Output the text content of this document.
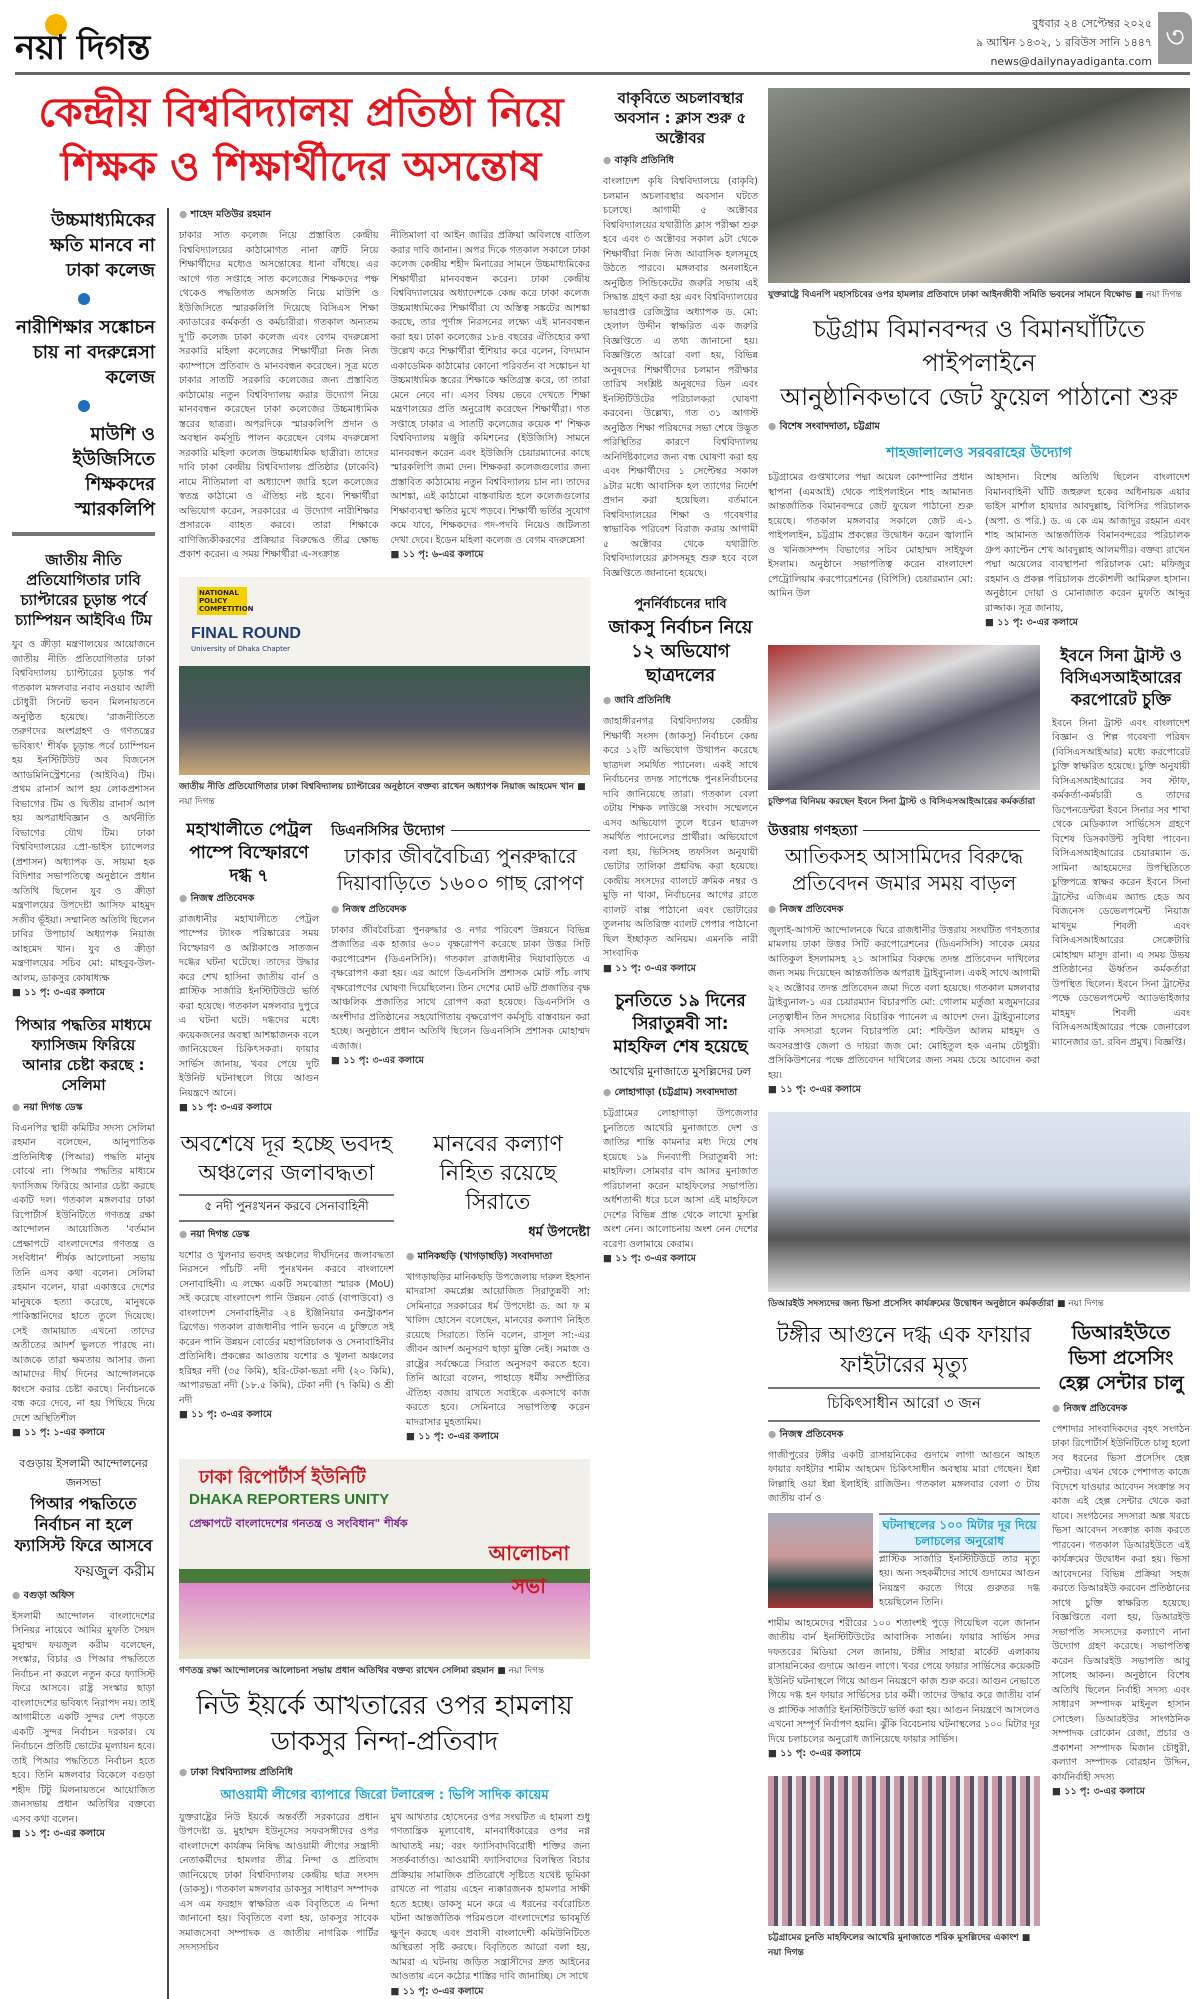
নয়া দিগন্ত
বুধবার ২৪ সেপ্টেম্বর ২০২৫
৯ আশ্বিন ১৪৩২, ১ রবিউস সানি ১৪৪৭
news@dailynayadiganta.com
৩
কেন্দ্রীয় বিশ্ববিদ্যালয় প্রতিষ্ঠা নিয়ে
শিক্ষক ও শিক্ষার্থীদের অসন্তোষ
উচ্চমাধ্যমিকের ক্ষতি মানবে না ঢাকা কলেজ
নারীশিক্ষার সঙ্কোচন চায় না বদরুন্নেসা কলেজ
মাউশি ও ইউজিসিতে শিক্ষকদের স্মারকলিপি
জাতীয় নীতি প্রতিযোগিতার ঢাবি চ্যাপ্টারের চূড়ান্ত পর্বে চ্যাম্পিয়ন আইবিএ টিম
যুব ও ক্রীড়া মন্ত্রণালয়ের আয়োজনে জাতীয় নীতি প্রতিযোগিতার ঢাকা বিশ্ববিদ্যালয় চ্যাপ্টারের চূড়ান্ত পর্ব গতকাল মঙ্গলবার নবাব নওয়াব আলী চৌধুরী সিনেট ভবন মিলনায়তনে অনুষ্ঠিত হয়েছে। 'রাজনীতিতে তরুণদের অংশগ্রহণ ও গণতন্ত্রের ভবিষ্যৎ' শীর্ষক চূড়ান্ত পর্বে চ্যাম্পিয়ন হয় ইনস্টিটিউট অব বিজনেস অ্যাডমিনিস্ট্রেশনের (আইবিএ) টিম। প্রথম রানার্স আপ হয় লোকপ্রশাসন বিভাগের টিম ও দ্বিতীয় রানার্স আপ হয় অপরাধবিজ্ঞান ও অর্থনীতি বিভাগের যৌথ টিম। ঢাকা বিশ্ববিদ্যালয়ের প্রো-ভাইস চ্যান্সেলর (প্রশাসন) অধ্যাপক ড. সায়মা হক বিদিশার সভাপতিত্বে অনুষ্ঠানে প্রধান অতিথি ছিলেন যুব ও ক্রীড়া মন্ত্রণালয়ের উপদেষ্টা আসিফ মাহমুদ সজীব ভূঁইয়া। সম্মানিত অতিথি ছিলেন ঢাবির উপাচার্য অধ্যাপক নিয়াজ আহমেদ খান। যুব ও ক্রীড়া মন্ত্রণালয়ের সচিব মো: মাহবুব-উল-আলম, ডাকসুর কোষাধ্যক্ষ
■ ১১ পৃ: ৩-এর কলামে
পিআর পদ্ধতির মাধ্যমে ফ্যাসিজম ফিরিয়ে আনার চেষ্টা করছে : সেলিমা
● নয়া দিগন্ত ডেস্ক
বিএনপির স্থায়ী কমিটির সদস্য সেলিমা রহমান বলেছেন, আনুপাতিক প্রতিনিধিত্ব (পিআর) পদ্ধতি মানুষ বোঝে না। পিআর পদ্ধতির মাধ্যমে ফ্যাসিজম ফিরিয়ে আনার চেষ্টা করছে একটি দল। গতকাল মঙ্গলবার ঢাকা রিপোর্টার্স ইউনিটিতে গণতন্ত্র রক্ষা আন্দোলন আয়োজিত 'বর্তমান প্রেক্ষাপটে বাংলাদেশের গণতন্ত্র ও সংবিধান' শীর্ষক আলোচনা সভায় তিনি এসব কথা বলেন। সেলিমা রহমান বলেন, যারা একাত্তরে দেশের মানুষকে হত্যা করেছে, মানুষকে পাকিস্তানিদের হাতে তুলে দিয়েছে। সেই জামায়াত এখনো তাদের অতীতের আদর্শ ভুলতে পারছে না। আজকে তারা ক্ষমতায় আসার জন্য আমাদের দীর্ঘ দিনের আন্দোলনকে ধ্বংসে করার চেষ্টা করছে। নির্বাচনকে বন্ধ করে দেবে, না হয় পিছিয়ে দিয়ে দেশে অস্থিতিশীল
■ ১১ পৃ: ১-এর কলামে
বগুড়ায় ইসলামী আন্দোলনের জনসভা
পিআর পদ্ধতিতে নির্বাচন না হলে ফ্যাসিস্ট ফিরে আসবে
ফয়জুল করীম
● বগুড়া অফিস
ইসলামী আন্দোলন বাংলাদেশের সিনিয়র নায়েবে আমির মুফতি সৈয়দ মুহাম্মদ ফয়জুল করীম বলেছেন, সংস্কার, বিচার ও পিআর পদ্ধতিতে নির্বাচন না করলে নতুন করে ফ্যাসিস্ট ফিরে আসবে। রাষ্ট্র সংস্কার ছাড়া বাংলাদেশের ভবিষ্যৎ নিরাপদ নয়। তাই আগামীতে একটি সুন্দর দেশ গড়তে একটি সুন্দর নির্বাচন দরকার। যে নির্বাচনে প্রতিটি ভোটের মূল্যায়ন হবে। তাই পিআর পদ্ধতিতে নির্বাচন হতে হবে। তিনি মঙ্গলবার বিকেলে বগুড়া শহীদ টিটু মিলনায়তনে আয়োজিত জনসভায় প্রধান অতিথির বক্তব্যে এসব কথা বলেন।
■ ১১ পৃ: ৩-এর কলামে
● শাহেদ মতিউর রহমান
ঢাকার সাত কলেজ নিয়ে প্রস্তাবিত কেন্দ্রীয় বিশ্ববিদ্যালয়ের কাঠামোগত নানা ত্রুটি নিয়ে শিক্ষার্থীদের মধ্যেও অসন্তোষের ধানা বাঁধছে। এর আগে গত সপ্তাহে সাত কলেজের শিক্ষকদের পক্ষ থেকেও পদ্ধতিগত অসঙ্গতি নিয়ে মাউশি ও ইউজিসিতে স্মারকলিপি দিয়েছে বিসিএস শিক্ষা ক্যাডারের কর্মকর্তা ও কর্মচারীরা। গতকাল অন্যতম দু'টি কলেজ ঢাকা কলেজ এবং বেগম বদরুন্নেসা সরকারি মহিলা কলেজের শিক্ষার্থীরা নিজ নিজ ক্যাম্পাসে প্রতিবাদ ও মানববন্ধন করেছেন। সূত্র মতে ঢাকার সাতটি সরকারি কলেজের জন্য প্রস্তাবিত কাঠামোয় নতুন বিশ্ববিদ্যালয় করার উদ্যোগ নিয়ে মানববন্ধন করেছেন ঢাকা কলেজের উচ্চমাধ্যমিক স্তরের ছাত্ররা। অপরদিকে স্মারকলিপি প্রদান ও অবস্থান কর্মসূচি পালন করেছেন বেগম বদরুন্নেসা সরকারি মহিলা কলেজ উচ্চমাধ্যমিক ছাত্রীরা। তাদের দাবি ঢাকা কেন্দ্রীয় বিশ্ববিদ্যালয় প্রতিষ্ঠার (ঢাকেবি) নামে নীতিমালা বা অধ্যাদেশ জারি হলে কলেজের স্বতন্ত্র কাঠামো ও ঐতিহ্য নষ্ট হবে। শিক্ষার্থীরা অভিযোগ করেন, সরকারের এ উদ্যোগ নারীশিক্ষার প্রসারকে ব্যাহত করবে। তারা শিক্ষাকে বাণিজ্যিকীকরণের প্রক্রিয়ার বিরুদ্ধেও তীব্র ক্ষোভ প্রকাশ করেন। এ সময় শিক্ষার্থীরা এ-সংক্রান্ত
নীতিমালা বা আইন জারির প্রক্রিয়া অবিলম্বে বাতিল করার দাবি জানান। অপর দিকে গতকাল সকালে ঢাকা কলেজ কেন্দ্রীয় শহীদ মিনারের সামনে উচ্চমাধ্যমিকের শিক্ষার্থীরা মানববন্ধন করেন। ঢাকা কেন্দ্রীয় বিশ্ববিদ্যালয়ের অধ্যাদেশকে কেন্দ্র করে ঢাকা কলেজ উচ্চমাধ্যমিকের শিক্ষার্থীরা যে অস্তিত্ব সঙ্কটের আশঙ্কা করছে, তার পূর্ণাঙ্গ নিরসনের লক্ষ্যে এই মানববন্ধন করা হয়। ঢাকা কলেজের ১৮৪ বছরের ঐতিহ্যের কথা উল্লেখ করে শিক্ষার্থীরা হুঁশিয়ার করে বলেন, বিদ্যমান একাডেমিক কাঠামোর কোনো পরিবর্তন বা সঙ্কোচন যা উচ্চমাধ্যমিক স্তরের শিক্ষাকে ক্ষতিগ্রস্ত করে, তা তারা মেনে নেবে না। এসব বিষয় ভেবে দেখতে শিক্ষা মন্ত্রণালয়ের প্রতি অনুরোধ করেছেন শিক্ষার্থীরা। গত সপ্তাহে ঢাকার এ সাতটি কলেজের কয়েক শ' শিক্ষক বিশ্ববিদ্যালয় মঞ্জুরি কমিশনের (ইউজিসি) সামনে মানববন্ধন করেন এবং ইউজিসি চেয়ারম্যানের কাছে স্মারকলিপি জমা দেন। শিক্ষকরা কলেজগুলোর জন্য প্রস্তাবিত কাঠামোয় নতুন বিশ্ববিদ্যালয় চান না। তাদের আশঙ্কা, এই কাঠামো বাস্তবায়িত হলে কলেজগুলোর শিক্ষাব্যবস্থা ক্ষতির মুখে পড়বে। শিক্ষার্থী ভর্তির সুযোগ কমে যাবে, শিক্ষকদের পদ-পদবি নিয়েও জটিলতা দেখা দেবে। ইডেন মহিলা কলেজ ও বেগম বদরুন্নেসা
■ ১১ পৃ: ৬-এর কলামে
NATIONAL POLICY COMPETITION
FINAL ROUND
University of Dhaka Chapter
জাতীয় নীতি প্রতিযোগিতার ঢাকা বিশ্ববিদ্যালয় চ্যাপ্টারের অনুষ্ঠানে বক্তব্য রাখেন অধ্যাপক নিয়াজ আহমেদ খান ■ নয়া দিগন্ত
মহাখালীতে পেট্রল পাম্পে বিস্ফোরণে দগ্ধ ৭
● নিজস্ব প্রতিবেদক
রাজধানীর মহাখালীতে পেট্রল পাম্পের ট্যাংক পরিষ্কারের সময় বিস্ফোরণ ও অগ্নিকাণ্ডে সাতজন দগ্ধের ঘটনা ঘটেছে। তাদের উদ্ধার করে শেখ হাসিনা জাতীয় বার্ন ও প্লাস্টিক সার্জারি ইনস্টিটিউটে ভর্তি করা হয়েছে। গতকাল মঙ্গলবার দুপুরে এ ঘটনা ঘটে। দগ্ধদের মধ্যে কয়েকজনের অবস্থা আশঙ্কাজনক বলে জানিয়েছেন চিকিৎসকরা। ফায়ার সার্ভিস জানায়, খবর পেয়ে দুটি ইউনিট ঘটনাস্থলে গিয়ে আগুন নিয়ন্ত্রণে আনে।
■ ১১ পৃ: ৩-এর কলামে
ডিএনসিসির উদ্যোগ
ঢাকার জীববৈচিত্র্য পুনরুদ্ধারে দিয়াবাড়িতে ১৬০০ গাছ রোপণ
● নিজস্ব প্রতিবেদক
ঢাকার জীববৈচিত্র্য পুনরুদ্ধার ও নগর পরিবেশ উন্নয়নে বিভিন্ন প্রজাতির এক হাজার ৬০০ বৃক্ষরোপণ করেছে ঢাকা উত্তর সিটি করপোরেশন (ডিএনসিসি)। গতকাল রাজধানীর দিয়াবাড়িতে এ বৃক্ষরোপণ করা হয়। এর আগে ডিএনসিসি প্রশাসক মোট পাঁচ লাখ বৃক্ষরোপণের ঘোষণা দিয়েছিলেন। তিন দেশের মোট ৬টি প্রজাতির বৃক্ষ আঞ্চলিক প্রজাতির সাথে রোপণ করা হয়েছে। ডিএনসিসি ও অংশীদার প্রতিষ্ঠানের সহযোগিতায় বৃক্ষরোপণ কর্মসূচি বাস্তবায়ন করা হচ্ছে। অনুষ্ঠানে প্রধান অতিথি ছিলেন ডিএনসিসি প্রশাসক মোহাম্মদ এজাজ।
■ ১১ পৃ: ৩-এর কলামে
অবশেষে দূর হচ্ছে ভবদহ অঞ্চলের জলাবদ্ধতা
৫ নদী পুনঃখনন করবে সেনাবাহিনী
● নয়া দিগন্ত ডেস্ক
যশোর ও খুলনার ভবদহ অঞ্চলের দীর্ঘদিনের জলাবদ্ধতা নিরসনে পাঁচটি নদী পুনঃখনন করবে বাংলাদেশ সেনাবাহিনী। এ লক্ষ্যে একটি সমঝোতা স্মারক (MoU) সই করেছে বাংলাদেশ পানি উন্নয়ন বোর্ড (বাপাউবো) ও বাংলাদেশ সেনাবাহিনীর ২৪ ইঞ্জিনিয়ার কনস্ট্রাকশন ব্রিগেড। গতকাল রাজধানীর পানি ভবনে এ চুক্তিতে সই করেন পানি উন্নয়ন বোর্ডের মহাপরিচালক ও সেনাবাহিনীর প্রতিনিধি। প্রকল্পের আওতায় যশোর ও খুলনা অঞ্চলের হরিহর নদী (৩৫ কিমি), হরি-টেকা-ভদ্রা নদী (২০ কিমি), আপারভদ্রা নদী (১৮.৫ কিমি), টেকা নদী (৭ কিমি) ও শ্রী নদী
■ ১১ পৃ: ৩-এর কলামে
মানবের কল্যাণ নিহিত রয়েছে সিরাতে
ধর্ম উপদেষ্টা
● মানিকছড়ি (খাগড়াছড়ি) সংবাদদাতা
খাগড়াছড়ির মানিকছড়ি উপজেলায় দারুল ইহসান মাদরাসা কমপ্লেক্স আয়োজিত সিরাতুন্নবী সা: সেমিনারে সরকারের ধর্ম উপদেষ্টা ড. আ ফ ম খালিদ হোসেন বলেছেন, মানবের কল্যাণ নিহিত রয়েছে সিরাতে। তিনি বলেন, রাসূল সা:-এর জীবন আদর্শ অনুসরণ ছাড়া মুক্তি নেই। সমাজ ও রাষ্ট্রের সর্বক্ষেত্রে সিরাত অনুসরণ করতে হবে। তিনি আরো বলেন, পাহাড়ে ধর্মীয় সম্প্রীতির ঐতিহ্য বজায় রাখতে সবাইকে একসাথে কাজ করতে হবে। সেমিনারে সভাপতিত্ব করেন মাদরাসার মুহতামিম।
■ ১১ পৃ: ৩-এর কলামে
ঢাকা রিপোর্টার্স ইউনিটি
DHAKA REPORTERS UNITY
প্রেক্ষাপটে বাংলাদেশের গনতন্ত্র ও সংবিধান" শীর্ষক
আলোচনা সভা
গণতন্ত্র রক্ষা আন্দোলনের আলোচনা সভায় প্রধান অতিথির বক্তব্য রাখেন সেলিমা রহমান ■ নয়া দিগন্ত
নিউ ইয়র্কে আখতারের ওপর হামলায় ডাকসুর নিন্দা-প্রতিবাদ
● ঢাকা বিশ্ববিদ্যালয় প্রতিনিধি
আওয়ামী লীগের ব্যাপারে জিরো টলারেন্স : ভিপি সাদিক কায়েম
যুক্তরাষ্ট্রের নিউ ইয়র্কে অন্তর্বর্তী সরকারের প্রধান উপদেষ্টা ড. মুহাম্মদ ইউনূসের সফরসঙ্গীদের ওপর বাংলাদেশে কার্যক্রম নিষিদ্ধ আওয়ামী লীগের সন্ত্রাসী নেতাকর্মীদের হামলার তীব্র নিন্দা ও প্রতিবাদ জানিয়েছে ঢাকা বিশ্ববিদ্যালয় কেন্দ্রীয় ছাত্র সংসদ (ডাকসু)। গতকাল মঙ্গলবার ডাকসুর সাধারণ সম্পাদক এস এম ফরহাদ স্বাক্ষরিত এক বিবৃতিতে এ নিন্দা জানানো হয়। বিবৃতিতে বলা হয়, ডাকসুর সাবেক সমাজসেবা সম্পাদক ও জাতীয় নাগরিক পার্টির সদস্যসচিব
মুখ আখতার হোসেনের ওপর সংঘটিত এ হামলা শুধু গণতান্ত্রিক মূল্যবোধ, মানবাধিকারের ওপর নগ্ন আঘাতই নয়; বরং ফ্যাসিবাদবিরোধী শক্তির জন্য সতর্কবার্তাও। আওয়ামী ফ্যাসিবাদের বিলম্বিত বিচার প্রক্রিয়ায় সামাজিক প্রতিরোধে সৃষ্টিতে যথেষ্ট ভূমিকা রাখতে না পারায় এহেন ন্যক্কারজনক হামলার সাক্ষী হতে হচ্ছে। ডাকসু মনে করে এ ধরনের বর্বরোচিত ঘটনা আন্তর্জাতিক পরিমণ্ডলে বাংলাদেশের ভাবমূর্তি ক্ষুণ্ন করছে এবং প্রবাসী বাংলাদেশী কমিউনিটিতে অস্থিরতা সৃষ্টি করছে। বিবৃতিতে আরো বলা হয়, আমরা এ ঘটনায় জড়িত সন্ত্রাসীদের দ্রুত আইনের আওতায় এনে কঠোর শাস্তির দাবি জানাচ্ছি। সে সাথে
■ ১১ পৃ: ৩-এর কলামে
বাকৃবিতে অচলাবস্থার অবসান : ক্লাস শুরু ৫ অক্টোবর
● বাকৃবি প্রতিনিধি
বাংলাদেশ কৃষি বিশ্ববিদ্যালয়ে (বাকৃবি) চলমান অচলাবস্থার অবসান ঘটতে চলেছে। আগামী ৫ অক্টোবর বিশ্ববিদ্যালয়ের যথারীতি ক্লাস পরীক্ষা শুরু হবে এবং ৩ অক্টোবর সকাল ৯টা থেকে শিক্ষার্থীরা নিজ নিজ আবাসিক হলসমূহে উঠতে পারবে। মঙ্গলবার অনলাইনে অনুষ্ঠিত সিন্ডিকেটের জরুরি সভায় এই সিদ্ধান্ত গ্রহণ করা হয় এবং বিশ্ববিদ্যালয়ের ভারপ্রাপ্ত রেজিস্ট্রার অধ্যাপক ড. মো: হেলাল উদ্দীন স্বাক্ষরিত এক জরুরি বিজ্ঞপ্তিতে এ তথ্য জানানো হয়। বিজ্ঞপ্তিতে আরো বলা হয়, বিভিন্ন অনুষদের শিক্ষার্থীদের চলমান পরীক্ষার তারিখ সংশ্লিষ্ট অনুষদের ডিন এবং ইনস্টিটিউটের পরিচালকরা ঘোষণা করবেন। উল্লেখ্য, গত ৩১ আগস্ট অনুষ্ঠিত শিক্ষা পরিষদের সভা শেষে উদ্ভূত পরিস্থিতির কারণে বিশ্ববিদ্যালয় অনির্দিষ্টকালের জন্য বন্ধ ঘোষণা করা হয় এবং শিক্ষার্থীদের ১ সেপ্টেম্বর সকাল ৯টার মধ্যে আবাসিক হল ত্যাগের নির্দেশ প্রদান করা হয়েছিল। বর্তমানে বিশ্ববিদ্যালয়ের শিক্ষা ও গবেষণার স্বাভাবিক পরিবেশ বিরাজ করায় আগামী ৫ অক্টোবর থেকে যথারীতি বিশ্ববিদ্যালয়ের ক্লাসসমূহ শুরু হবে বলে বিজ্ঞপ্তিতে জানানো হয়েছে।
পুনর্নির্বাচনের দাবি
জাকসু নির্বাচন নিয়ে ১২ অভিযোগ ছাত্রদলের
● জাবি প্রতিনিধি
জাহাঙ্গীরনগর বিশ্ববিদ্যালয় কেন্দ্রীয় শিক্ষার্থী সংসদ (জাকসু) নির্বাচনে কেন্দ্র করে ১২টি অভিযোগ উত্থাপন করেছে ছাত্রদল সমর্থিত প্যানেল। একই সাথে নির্বাচনের তদন্ত সাপেক্ষে পুনঃনির্বাচনের দাবি জানিয়েছে তারা। গতকাল বেলা ৩টায় শিক্ষক লাউঞ্জে সংবাদ সম্মেলনে এসব অভিযোগ তুলে ধরেন ছাত্রদল সমর্থিত প্যানেলের প্রার্থীরা। অভিযোগে বলা হয়, ভিসিসহ তফসিল অনুযায়ী ভোটার তালিকা প্রশ্নবিদ্ধ করা হয়েছে। কেন্দ্রীয় সংসদের ব্যালটে ক্রমিক নম্বর ও মুড়ি না থাকা, নির্বাচনের আগের রাতে ব্যালট বাক্স পাঠানো এবং ভোটারের তুলনায় অতিরিক্ত ব্যালট পেপার পাঠানো ছিল ইচ্ছাকৃত অনিয়ম। এমনকি নারী সাংবাদিক
■ ১১ পৃ: ৩-এর কলামে
চুনতিতে ১৯ দিনের সিরাতুন্নবী সা: মাহফিল শেষ হয়েছে
আখেরি মুনাজাতে মুসল্লিদের ঢল
● লোহাগাড়া (চট্টগ্রাম) সংবাদদাতা
চট্টগ্রামের লোহাগাড়া উপজেলার চুনতিতে আখেরি মুনাজাতে দেশ ও জাতির শান্তি কামনার মধ্য দিয়ে শেষ হয়েছে ১৯ দিনব্যাপী সিরাতুন্নবী সা: মাহফিল। সোমবার বাদ আসর মুনাজাত পরিচালনা করেন মাহফিলের সভাপতি। অর্ধশতাব্দী ধরে চলে আসা এই মাহফিলে দেশের বিভিন্ন প্রান্ত থেকে লাখো মুসল্লি অংশ নেন। আলোচনায় অংশ নেন দেশের বরেণ্য ওলামায়ে কেরাম।
■ ১১ পৃ: ৩-এর কলামে
যুক্তরাষ্ট্রে বিএনপি মহাসচিবের ওপর হামলার প্রতিবাদে ঢাকা আইনজীবী সমিতি ভবনের সামনে বিক্ষোভ ■ নয়া দিগন্ত
চট্টগ্রাম বিমানবন্দর ও বিমানঘাঁটিতে পাইপলাইনে
আনুষ্ঠানিকভাবে জেট ফুয়েল পাঠানো শুরু
● বিশেষ সংবাদদাতা, চট্টগ্রাম
শাহজালালেও সরবরাহের উদ্যোগ
চট্টগ্রামের গুপ্তখালের পদ্মা অয়েল কোম্পানির প্রধান স্থাপনা (এমআই) থেকে পাইপলাইনে শাহ আমানত আন্তর্জাতিক বিমানবন্দরে জেট ফুয়েল পাঠানো শুরু হয়েছে। গতকাল মঙ্গলবার সকালে জেট এ-১ পাইপলাইন, চট্টগ্রাম প্রকল্পের উদ্বোধন করেন জ্বালানি ও খনিজসম্পদ বিভাগের সচিব মোহাম্মদ সাইফুল ইসলাম। অনুষ্ঠানে সভাপতিত্ব করেন বাংলাদেশ পেট্রোলিয়াম করপোরেশনের (বিপিসি) চেয়ারম্যান মো: আমিন উল
আহসান। বিশেষ অতিথি ছিলেন বাংলাদেশ বিমানবাহিনী ঘাঁটি জহুরুল হকের অধিনায়ক এয়ার ভাইস মার্শাল হায়দার আবদুল্লাহ, বিপিসির পরিচালক (অপা. ও পরি.) ড. এ কে এম আজাদুর রহমান এবং শাহ আমানত আন্তর্জাতিক বিমানবন্দরের পরিচালক গ্রুপ ক্যাপ্টেন শেখ আবদুল্লাহ আলমগীর। বক্তব্য রাখেন পদ্মা অয়েলের ব্যবস্থাপনা পরিচালক মো: মফিজুর রহমান ও প্রকল্প পরিচালক প্রকৌশলী আমিরুল হাসান। অনুষ্ঠানে দোয়া ও মোনাজাত করেন মুফতি আব্দুর রাজ্জাক। সূত্র জানায়,
■ ১১ পৃ: ৩-এর কলামে
চুক্তিপত্র বিনিময় করছেন ইবনে সিনা ট্রাস্ট ও বিসিএসআইআরের কর্মকর্তারা
উত্তরায় গণহত্যা
আতিকসহ আসামিদের বিরুদ্ধে প্রতিবেদন জমার সময় বাড়ল
● নিজস্ব প্রতিবেদক
জুলাই-আগস্ট আন্দোলনকে ঘিরে রাজধানীর উত্তরায় সংঘটিত গণহত্যার মামলায় ঢাকা উত্তর সিটি করপোরেশনের (ডিএনসিসি) সাবেক মেয়র আতিকুল ইসলামসহ ২১ আসামির বিরুদ্ধে তদন্ত প্রতিবেদন দাখিলের জন্য সময় দিয়েছেন আন্তর্জাতিক অপরাধ ট্রাইব্যুনাল। একই সাথে আগামী ২২ অক্টোবর তদন্ত প্রতিবেদন জমা দিতে বলা হয়েছে। গতকাল মঙ্গলবার ট্রাইব্যুনাল-১ এর চেয়ারম্যান বিচারপতি মো: গোলাম মর্তুজা মজুমদারের নেতৃত্বাধীন তিন সদস্যের বিচারিক প্যানেল এ আদেশ দেন। ট্রাইব্যুনালের বাকি সদস্যরা হলেন বিচারপতি মো: শফিউল আলম মাহমুদ ও অবসরপ্রাপ্ত জেলা ও দায়রা জজ মো: মোহিতুল হক এনাম চৌধুরী। প্রসিকিউশনের পক্ষে প্রতিবেদন দাখিলের জন্য সময় চেয়ে আবেদন করা হয়।
■ ১১ পৃ: ৩-এর কলামে
ইবনে সিনা ট্রাস্ট ও বিসিএসআইআরের করপোরেট চুক্তি
ইবনে সিনা ট্রাস্ট এবং বাংলাদেশ বিজ্ঞান ও শিল্প গবেষণা পরিষদ (বিসিএসআইআর) মধ্যে করপোরেট চুক্তি স্বাক্ষরিত হয়েছে। চুক্তি অনুযায়ী বিসিএসআইআরের সব স্টাফ, কর্মকর্তা-কর্মচারী ও তাদের ডিপেনডেন্টরা ইবনে সিনার সব শাখা থেকে মেডিক্যাল সার্ভিসেস গ্রহণে বিশেষ ডিসকাউন্ট সুবিধা পাবেন। বিসিএসআইআরের চেয়ারম্যান ড. সামিনা আহমেদের উপস্থিতিতে চুক্তিপত্রে স্বাক্ষর করেন ইবনে সিনা ট্রাস্টের এজিএম অ্যান্ড হেড অব বিজনেস ডেভেলপমেন্ট নিয়াজ মাখদুম শিবলী এবং বিসিএসআইআরের সেক্রেটারি মোহাম্মদ মাসুদ রানা। এ সময় উভয় প্রতিষ্ঠানের ঊর্ধ্বতন কর্মকর্তারা উপস্থিত ছিলেন। ইবনে সিনা ট্রাস্টের পক্ষে ডেভেলপমেন্ট অ্যাডভাইজার মাহমুদ শিবলী এবং বিসিএসআইআরের পক্ষে জেনারেল ম্যানেজার ডা. রবিন প্রমুখ। বিজ্ঞপ্তি।
ডিআরইউ সদস্যদের জন্য ভিসা প্রসেসিং কার্যক্রমের উদ্বোধন অনুষ্ঠানে কর্মকর্তারা ■ নয়া দিগন্ত
টঙ্গীর আগুনে দগ্ধ এক ফায়ার ফাইটারের মৃত্যু
চিকিৎসাধীন আরো ৩ জন
● নিজস্ব প্রতিবেদক
গাজীপুরের টঙ্গীর একটি রাসায়নিকের গুদামে লাগা আগুনে আহত ফায়ার ফাইটার শামীম আহমেদ চিকিৎসাধীন অবস্থায় মারা গেছেন। ইন্না লিল্লাহি ওয়া ইন্না ইলাইহি রাজিউন। গতকাল মঙ্গলবার বেলা ৩ টায় জাতীয় বার্ন ও
ঘটনাস্থলের ১০০ মিটার দূর দিয়ে চলাচলের অনুরোধ
প্লাস্টিক সার্জারি ইনস্টিটিউটে তার মৃত্যু হয়। অন্য সহকর্মীদের সাথে গুদামের আগুন নিয়ন্ত্রণ করতে গিয়ে গুরুতর দগ্ধ হয়েছিলেন তিনি।
শামীম আহমেদের শরীরের ১০০ শতাংশই পুড়ে গিয়েছিল বলে জানান জাতীয় বার্ন ইনস্টিটিউটের আবাসিক সার্জন। ফায়ার সার্ভিস সদর দফতরের মিডিয়া সেল জানায়, টঙ্গীর সাহারা মার্কেট এলাকায় রাসায়নিকের গুদামে আগুন লাগে। খবর পেয়ে ফায়ার সার্ভিসের কয়েকটি ইউনিট ঘটনাস্থলে গিয়ে আগুন নিয়ন্ত্রণে কাজ শুরু করে। আগুন নেভাতে গিয়ে দগ্ধ হন ফায়ার সার্ভিসের চার কর্মী। তাদের উদ্ধার করে জাতীয় বার্ন ও প্লাস্টিক সার্জারি ইনস্টিটিউটে ভর্তি করা হয়। আগুন নিয়ন্ত্রণে আসলেও এখনো সম্পূর্ণ নির্বাপণ হয়নি। ঝুঁকি বিবেচনায় ঘটনাস্থলের ১০০ মিটার দূর দিয়ে চলাচলের অনুরোধ জানিয়েছে ফায়ার সার্ভিস।
■ ১১ পৃ: ৩-এর কলামে
চট্টগ্রামের চুনতি মাহফিলের আখেরি মুনাজাতে শরিক মুসল্লিদের একাংশ ■ নয়া দিগন্ত
ডিআরইউতে ভিসা প্রসেসিং হেল্প সেন্টার চালু
● নিজস্ব প্রতিবেদক
পেশাদার সাংবাদিকদের বৃহৎ সংগঠন ঢাকা রিপোর্টার্স ইউনিটিতে চালু হলো সব ধরনের ভিসা প্রসেসিং হেল্প সেন্টার। এখন থেকে পেশাগত কাজে বিদেশে যাওয়ার আবেদন সংক্রান্ত সব কাজ এই হেল্প সেন্টার থেকে করা যাবে। সংগঠনের সদস্যরা অল্প খরচে ভিসা আবেদন সংক্রান্ত কাজ করতে পারবেন। গতকাল ডিআরইউতে এই কার্যক্রমের উদ্বোধন করা হয়। ভিসা আবেদনের বিভিন্ন প্রক্রিয়া সহজ করতে ডিআরইউ করবেন প্রতিষ্ঠানের সাথে চুক্তি স্বাক্ষরিত হয়েছে। বিজ্ঞপ্তিতে বলা হয়, ডিআরইউ সভাপতি সদস্যদের কল্যাণে নানা উদ্যোগ গ্রহণ করেছে। সভাপতিত্ব করেন ডিআরইউ সভাপতি আবু সালেহ আকন। অনুষ্ঠানে বিশেষ অতিথি ছিলেন নির্বাহী সদস্য এবং সাধারণ সম্পাদক মাইনুল হাসান সোহেল। ডিআরইউর সাংগঠনিক সম্পাদক রোকোন রেজা, প্রচার ও প্রকাশনা সম্পাদক মিজান চৌধুরী, কল্যাণ সম্পাদক বোরহান উদ্দিন, কার্যনির্বাহী সদস্য
■ ১১ পৃ: ৩-এর কলামে
